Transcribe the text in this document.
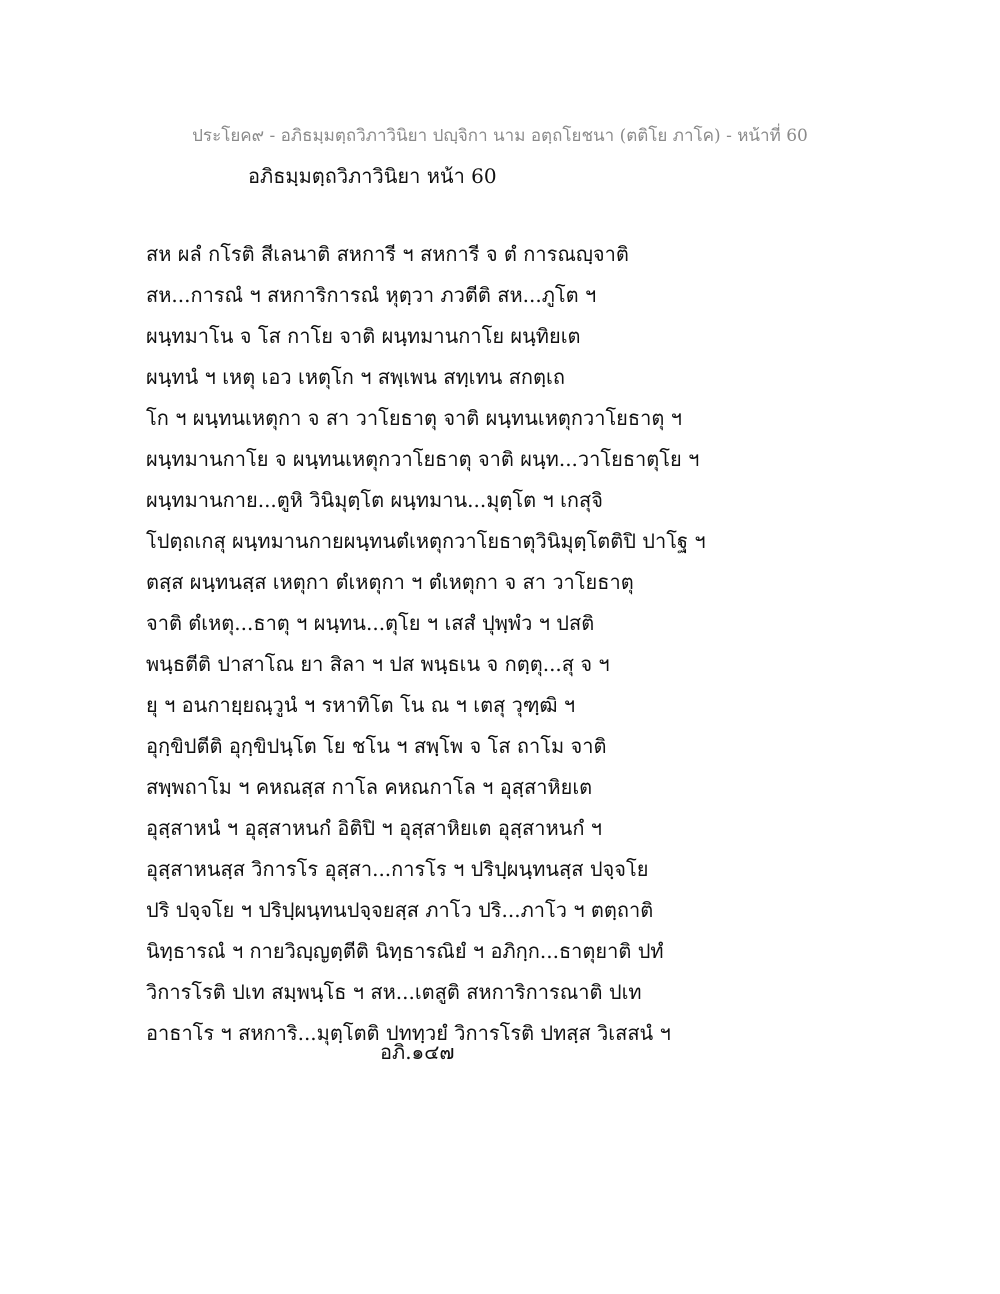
ประโยค๙ - อภิธมฺมตฺถวิภาวินิยา ปญฺจิกา นาม อตฺถโยชนา (ตติโย ภาโค) - หน้าที่ 60
อภิธมฺมตฺถวิภาวินิยา หน้า 60
สห ผลํ กโรติ สีเลนาติ สหการี ฯ สหการี จ ตํ การณญฺจาติ
สห...การณํ ฯ สหการิการณํ หุตฺวา ภวตีติ สห...ภูโต ฯ
ผนฺทมาโน จ โส กาโย จาติ ผนฺทมานกาโย ผนฺทิยเต
ผนฺทนํ ฯ เหตุ เอว เหตุโก ฯ สพฺเพน สทฺเทน สกตฺเถ
โก ฯ ผนฺทนเหตุกา จ สา วาโยธาตุ จาติ ผนฺทนเหตุกวาโยธาตุ ฯ
ผนฺทมานกาโย จ ผนฺทนเหตุกวาโยธาตุ จาติ ผนฺท...วาโยธาตุโย ฯ
ผนฺทมานกาย...ตูหิ วินิมุตฺโต ผนฺทมาน...มุตฺโต ฯ เกสุจิ
โปตฺถเกสุ ผนฺทมานกายผนฺทนตํเหตุกวาโยธาตุวินิมุตฺโตติปิ ปาโฐ ฯ
ตสฺส ผนฺทนสฺส เหตุกา ตํเหตุกา ฯ ตํเหตุกา จ สา วาโยธาตุ
จาติ ตํเหตุ...ธาตุ ฯ ผนฺทน...ตุโย ฯ เสสํ ปุพฺพํว ฯ ปสติ
พนฺธตีติ ปาสาโณ ยา สิลา ฯ ปส พนฺธเน จ กตฺตุ...สุ จ ฯ
ยุ ฯ อนกายฺยณฺวูนํ ฯ รหาทิโต โน ณ ฯ เตสุ วุฑฺฒิ ฯ
อุกฺขิปตีติ อุกฺขิปนฺโต โย ชโน ฯ สพฺโพ จ โส ถาโม จาติ
สพฺพถาโม ฯ คหณสฺส กาโล คหณกาโล ฯ อุสฺสาหิยเต
อุสฺสาหนํ ฯ อุสฺสาหนกํ อิติปิ ฯ อุสฺสาหิยเต อุสฺสาหนกํ ฯ
อุสฺสาหนสฺส วิการโร อุสฺสา...การโร ฯ ปริปฺผนฺทนสฺส ปจฺจโย
ปริ ปจฺจโย ฯ ปริปฺผนฺทนปจฺจยสฺส ภาโว ปริ...ภาโว ฯ ตตฺถาติ
นิทฺธารณํ ฯ กายวิญฺญตฺตีติ นิทฺธารณิยํ ฯ อภิกฺก...ธาตุยาติ ปทํ
วิการโรติ ปเท สมฺพนฺโธ ฯ สห...เตสูติ สหการิการณาติ ปเท
อาธาโร ฯ สหการิ...มุตฺโตติ ปททฺวยํ วิการโรติ ปทสฺส วิเสสนํ ฯ
อภิ.๑๔๗
